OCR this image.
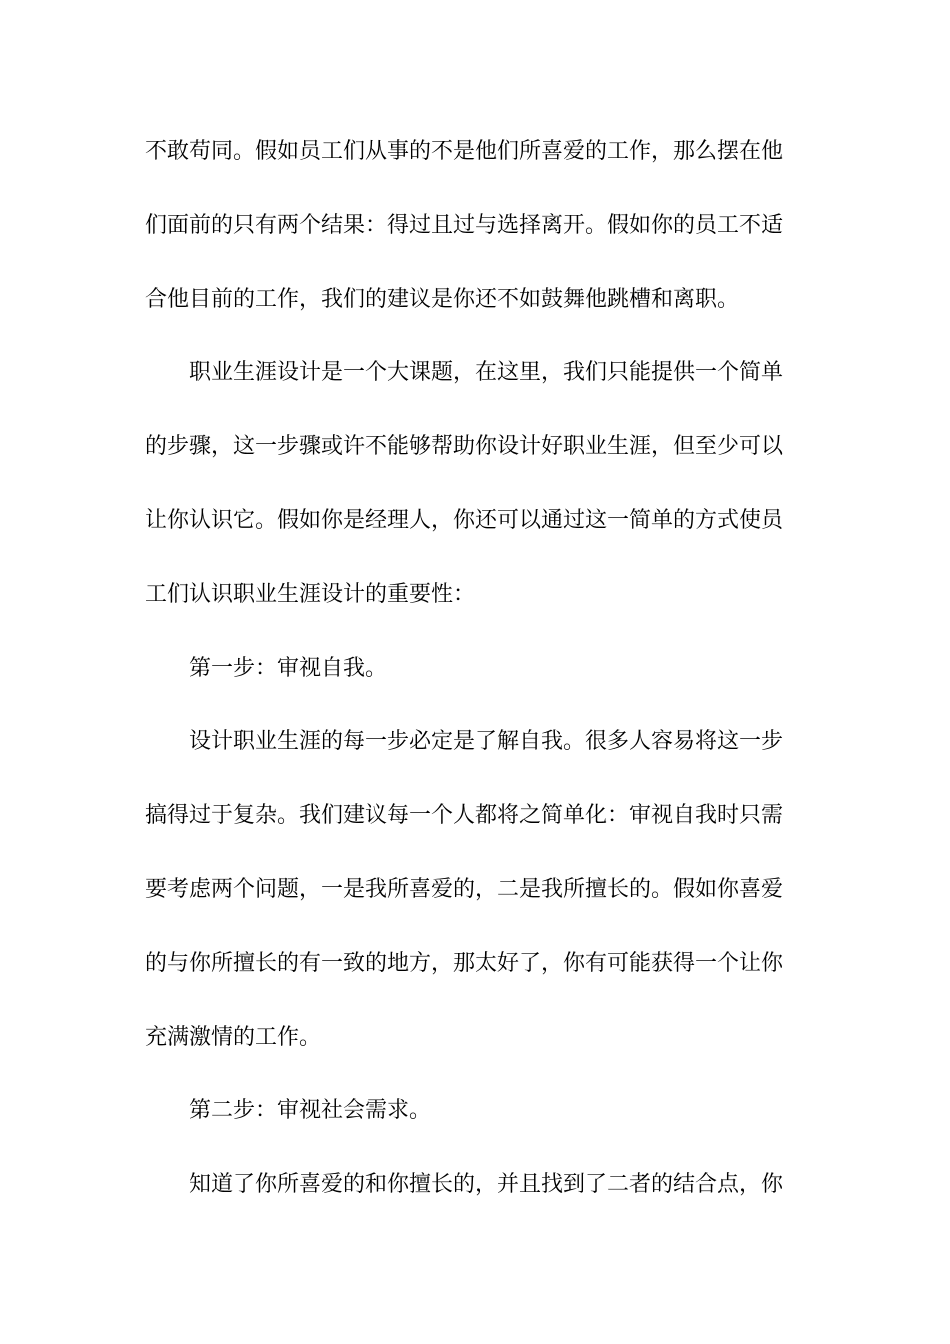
不敢苟同。假如员工们从事的不是他们所喜爱的工作，那么摆在他
们面前的只有两个结果：得过且过与选择离开。假如你的员工不适
合他目前的工作，我们的建议是你还不如鼓舞他跳槽和离职。
职业生涯设计是一个大课题，在这里，我们只能提供一个简单
的步骤，这一步骤或许不能够帮助你设计好职业生涯，但至少可以
让你认识它。假如你是经理人，你还可以通过这一简单的方式使员
工们认识职业生涯设计的重要性：
第一步：审视自我。
设计职业生涯的每一步必定是了解自我。很多人容易将这一步
搞得过于复杂。我们建议每一个人都将之简单化：审视自我时只需
要考虑两个问题，一是我所喜爱的，二是我所擅长的。假如你喜爱
的与你所擅长的有一致的地方，那太好了，你有可能获得一个让你
充满激情的工作。
第二步：审视社会需求。
知道了你所喜爱的和你擅长的，并且找到了二者的结合点，你
